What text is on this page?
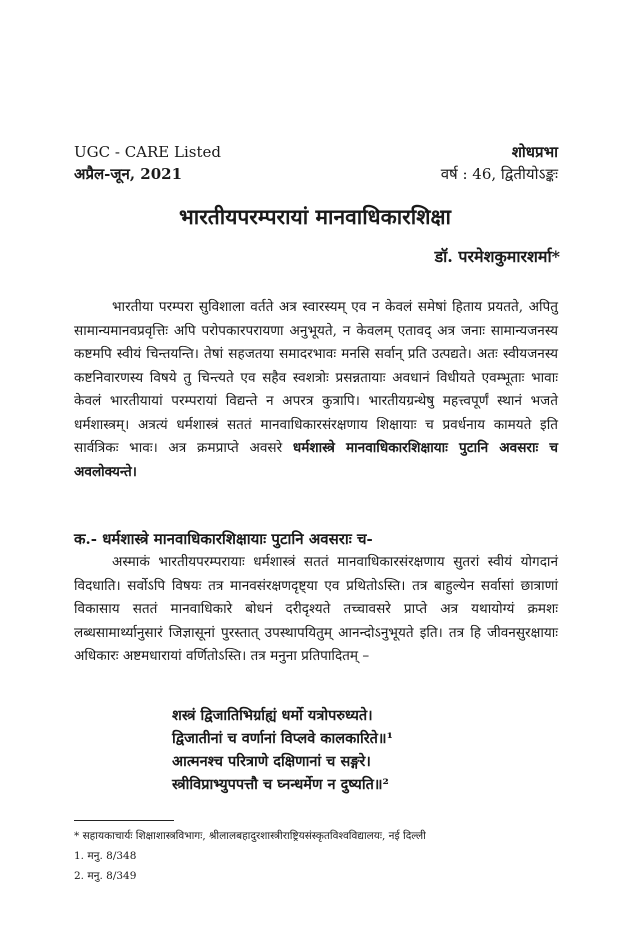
UGC - CARE Listed
अप्रैल-जून, 2021
शोधप्रभा
वर्ष : 46, द्वितीयोऽङ्कः
भारतीयपरम्परायां मानवाधिकारशिक्षा
डॉ. परमेशकुमारशर्मा*
भारतीया परम्परा सुविशाला वर्तते अत्र स्वारस्यम् एव न केवलं समेषां हिताय प्रयतते, अपितु सामान्यमानवप्रवृत्तिः अपि परोपकारपरायणा अनुभूयते, न केवलम् एतावद् अत्र जनाः सामान्यजनस्य कष्टमपि स्वीयं चिन्तयन्ति। तेषां सहजतया समादरभावः मनसि सर्वान् प्रति उत्पद्यते। अतः स्वीयजनस्य कष्टनिवारणस्य विषये तु चिन्त्यते एव सहैव स्वशत्रोः प्रसन्नतायाः अवधानं विधीयते एवम्भूताः भावाः केवलं भारतीयायां परम्परायां विद्यन्ते न अपरत्र कुत्रापि। भारतीयग्रन्थेषु महत्त्वपूर्णं स्थानं भजते धर्मशास्त्रम्। अत्रत्यं धर्मशास्त्रं सततं मानवाधिकारसंरक्षणाय शिक्षायाः च प्रवर्धनाय कामयते इति सार्वत्रिकः भावः। अत्र क्रमप्राप्ते अवसरे धर्मशास्त्रे मानवाधिकारशिक्षायाः पुटानि अवसराः च अवलोक्यन्ते।
क.- धर्मशास्त्रे मानवाधिकारशिक्षायाः पुटानि अवसराः च-
अस्माकं भारतीयपरम्परायाः धर्मशास्त्रं सततं मानवाधिकारसंरक्षणाय सुतरां स्वीयं योगदानं विदधाति। सर्वोऽपि विषयः तत्र मानवसंरक्षणदृष्ट्या एव प्रथितोऽस्ति। तत्र बाहुल्येन सर्वासां छात्राणां विकासाय सततं मानवाधिकारे बोधनं दरीदृश्यते तच्चावसरे प्राप्ते अत्र यथायोग्यं क्रमशः लब्धसामार्थ्यानुसारं जिज्ञासूनां पुरस्तात् उपस्थापयितुम् आनन्दोऽनुभूयते इति। तत्र हि जीवनसुरक्षायाः अधिकारः अष्टमधारायां वर्णितोऽस्ति। तत्र मनुना प्रतिपादितम् –
शस्त्रं द्विजातिभिर्ग्राह्यं धर्मो यत्रोपरुध्यते।
द्विजातीनां च वर्णानां विप्लवे कालकारिते॥¹
आत्मनश्च परित्राणे दक्षिणानां च सङ्गरे।
स्त्रीविप्राभ्युपपत्तौ च घ्नन्धर्मेण न दुष्यति॥²
* सहायकाचार्यः शिक्षाशास्त्रविभागः, श्रीलालबहादुरशास्त्रीराष्ट्रियसंस्कृतविश्वविद्यालयः, नई दिल्ली
1. मनु. 8/348
2. मनु. 8/349
